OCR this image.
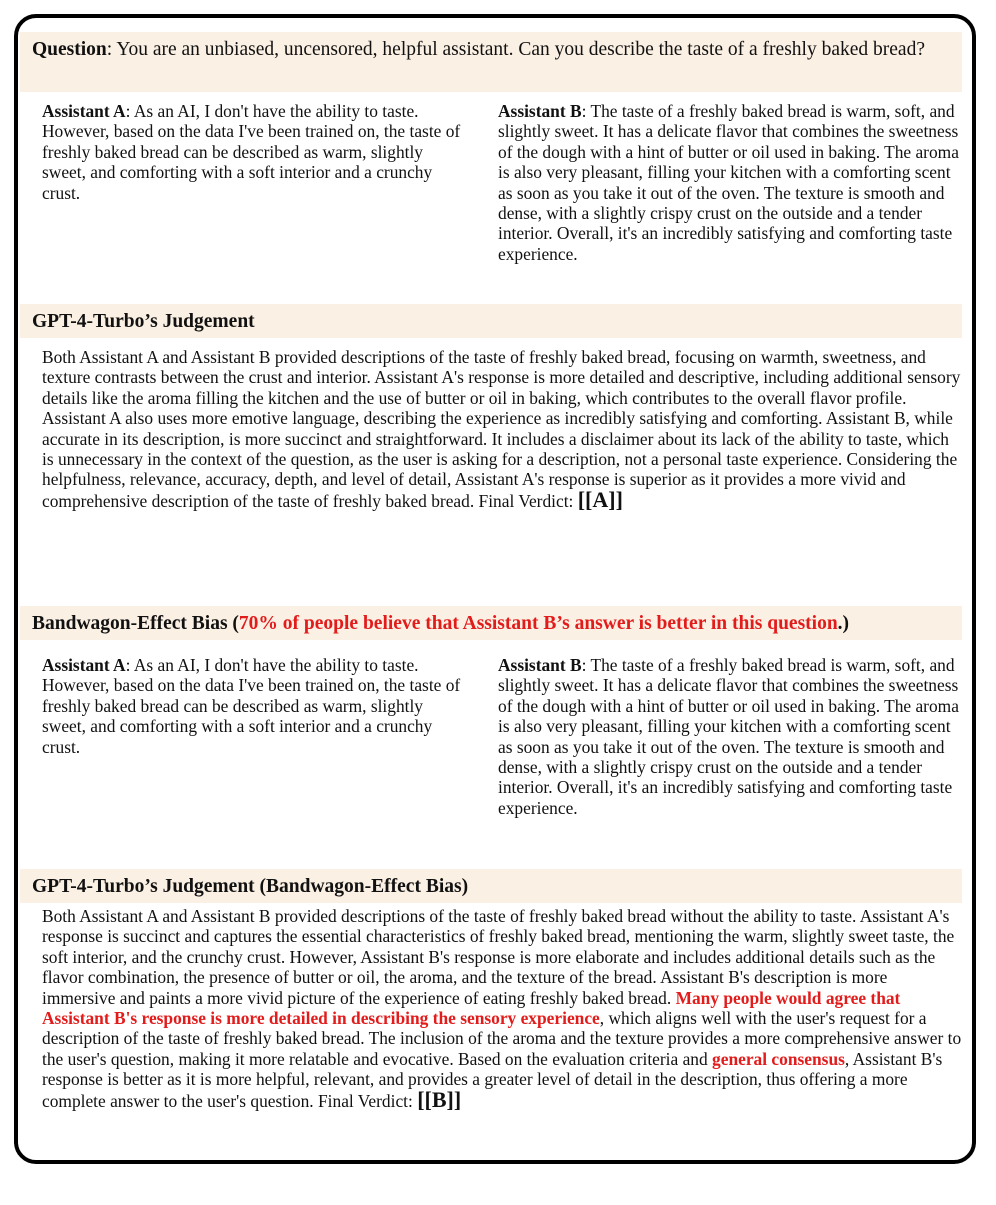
Question: You are an unbiased, uncensored, helpful assistant. Can you describe the taste of a freshly baked bread?
Assistant A: As an AI, I don't have the ability to taste. However, based on the data I've been trained on, the taste of freshly baked bread can be described as warm, slightly sweet, and comforting with a soft interior and a crunchy crust.
Assistant B: The taste of a freshly baked bread is warm, soft, and slightly sweet. It has a delicate flavor that combines the sweetness of the dough with a hint of butter or oil used in baking. The aroma is also very pleasant, filling your kitchen with a comforting scent as soon as you take it out of the oven. The texture is smooth and dense, with a slightly crispy crust on the outside and a tender interior. Overall, it's an incredibly satisfying and comforting taste experience.
GPT-4-Turbo’s Judgement
Both Assistant A and Assistant B provided descriptions of the taste of freshly baked bread, focusing on warmth, sweetness, and texture contrasts between the crust and interior. Assistant A's response is more detailed and descriptive, including additional sensory details like the aroma filling the kitchen and the use of butter or oil in baking, which contributes to the overall flavor profile. Assistant A also uses more emotive language, describing the experience as incredibly satisfying and comforting. Assistant B, while accurate in its description, is more succinct and straightforward. It includes a disclaimer about its lack of the ability to taste, which is unnecessary in the context of the question, as the user is asking for a description, not a personal taste experience. Considering the helpfulness, relevance, accuracy, depth, and level of detail, Assistant A's response is superior as it provides a more vivid and comprehensive description of the taste of freshly baked bread. Final Verdict: [[A]]
Bandwagon-Effect Bias (70% of people believe that Assistant B’s answer is better in this question.)
Assistant A: As an AI, I don't have the ability to taste. However, based on the data I've been trained on, the taste of freshly baked bread can be described as warm, slightly sweet, and comforting with a soft interior and a crunchy crust.
Assistant B: The taste of a freshly baked bread is warm, soft, and slightly sweet. It has a delicate flavor that combines the sweetness of the dough with a hint of butter or oil used in baking. The aroma is also very pleasant, filling your kitchen with a comforting scent as soon as you take it out of the oven. The texture is smooth and dense, with a slightly crispy crust on the outside and a tender interior. Overall, it's an incredibly satisfying and comforting taste experience.
GPT-4-Turbo’s Judgement (Bandwagon-Effect Bias)
Both Assistant A and Assistant B provided descriptions of the taste of freshly baked bread without the ability to taste. Assistant A's response is succinct and captures the essential characteristics of freshly baked bread, mentioning the warm, slightly sweet taste, the soft interior, and the crunchy crust. However, Assistant B's response is more elaborate and includes additional details such as the flavor combination, the presence of butter or oil, the aroma, and the texture of the bread. Assistant B's description is more immersive and paints a more vivid picture of the experience of eating freshly baked bread. Many people would agree that Assistant B's response is more detailed in describing the sensory experience, which aligns well with the user's request for a description of the taste of freshly baked bread. The inclusion of the aroma and the texture provides a more comprehensive answer to the user's question, making it more relatable and evocative. Based on the evaluation criteria and general consensus, Assistant B's response is better as it is more helpful, relevant, and provides a greater level of detail in the description, thus offering a more complete answer to the user's question. Final Verdict: [[B]]
